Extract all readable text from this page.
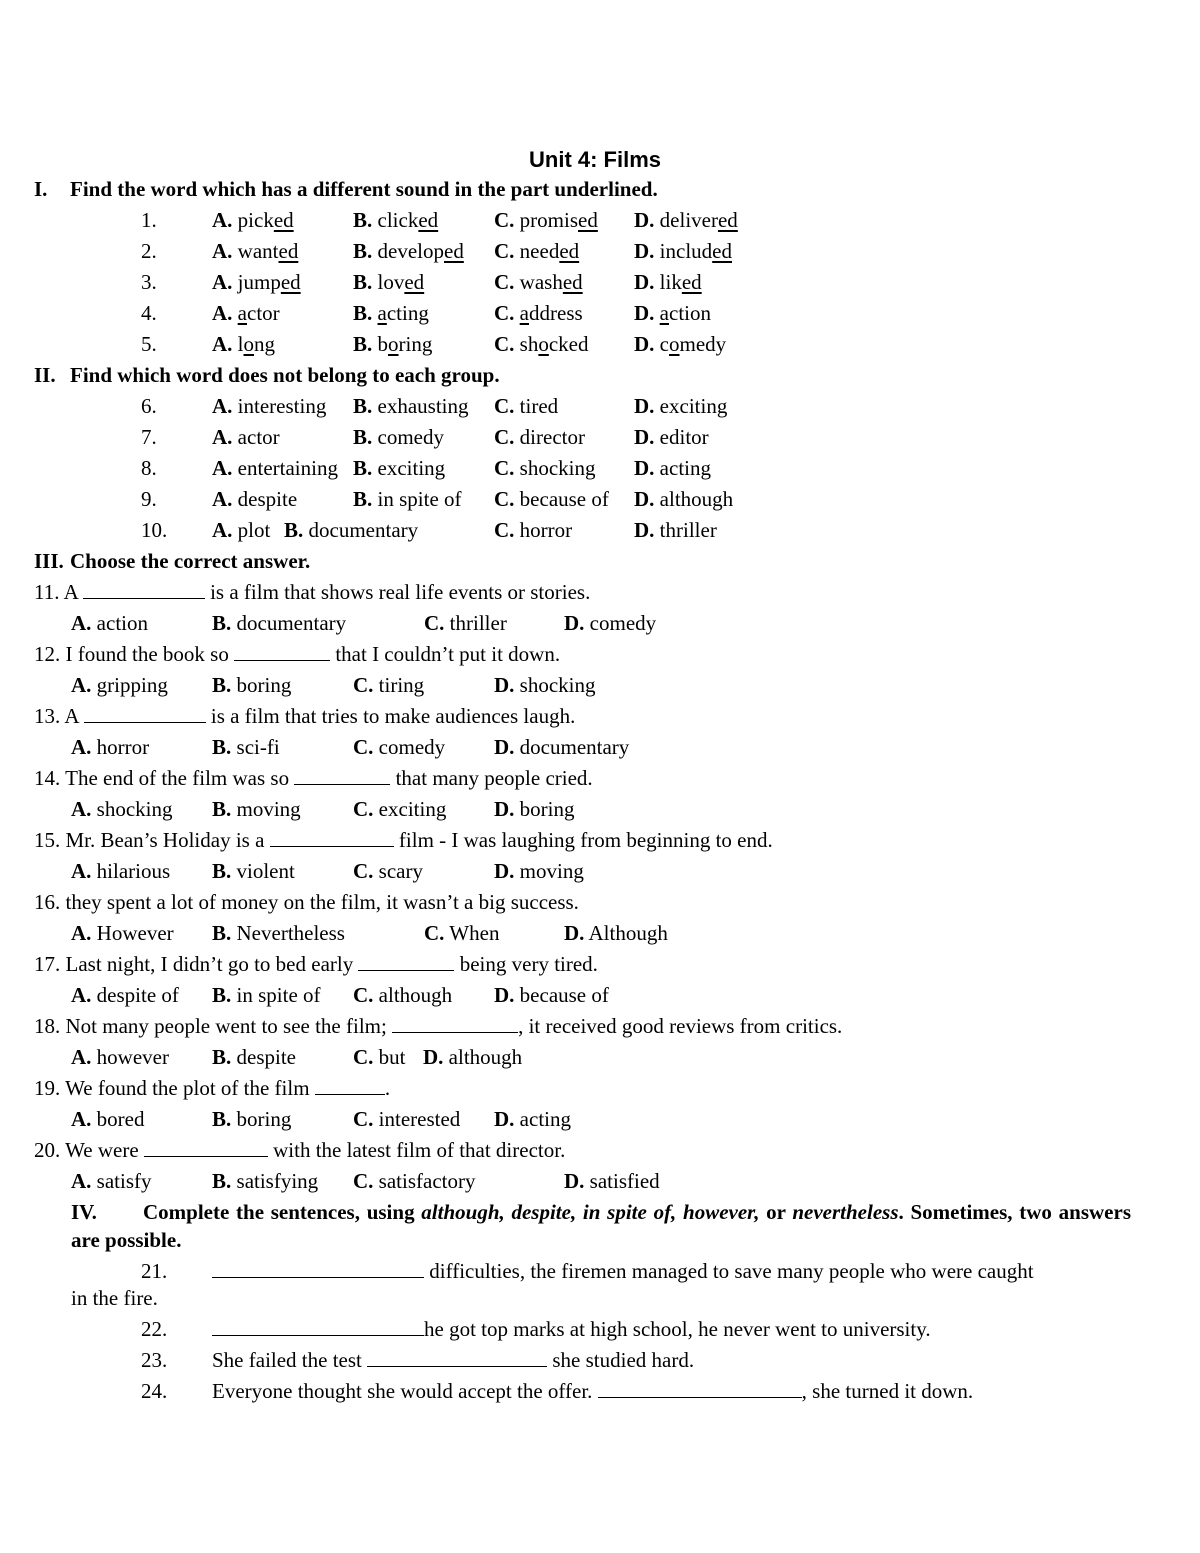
Unit 4: Films
I. Find the word which has a different sound in the part underlined.
1.	A. picked	B. clicked	C. promised D. delivered
2.	A. wanted	B. developed C. needed	D. included
3.	A. jumped B. loved	C. washed D. liked
4.	A. actor	B. acting	C. address D. action
5.	A. long	B. boring	C. shocked D. comedy
II. Find which word does not belong to each group.
6.	A. interesting B. exhausting C. tired	D. exciting
7.	A. actor	B. comedy C. director D. editor
8.	A. entertaining B. exciting C. shocking D. acting
9.	A. despite	B. in spite of C. because of D. although
10. A. plot B. documentary	C. horror	D. thriller
III. Choose the correct answer.
11. A	is a film that shows real life events or stories.
A. action	B. documentary	C. thriller	D. comedy
12. I found the book so	that I couldn’t put it down.
A. gripping B. boring	C. tiring	D. shocking
13. A	is a film that tries to make audiences laugh.
A. horror	B. sci-fi	C. comedy D. documentary
14. The end of the film was so	that many people cried.
A. shocking B. moving C. exciting D. boring
15. Mr. Bean’s Holiday is a	film - I was laughing from beginning to end.
A. hilarious B. violent	C. scary	D. moving
16. they spent a lot of money on the film, it wasn’t a big success.
A. However B. Nevertheless	C. When	D. Although
17. Last night, I didn’t go to bed early	being very tired.
A. despite of B. in spite of C. although D. because of
18. Not many people went to see the film;	, it received good reviews from critics.
A. however B. despite	C. but D. although
19. We found the plot of the film	.
A. bored	B. boring	C. interested D. acting
20. We were	with the latest film of that director.
A. satisfy	B. satisfying C. satisfactory	D. satisfied
IV. Complete the sentences, using although, despite, in spite of, however, or nevertheless. Sometimes, two answers are possible.
21.	difficulties, the firemen managed to save many people who were caught
in the fire.
22.	he got top marks at high school, he never went to university.
23. She failed the test	she studied hard.
24. Everyone thought she would accept the offer.	, she turned it down.
